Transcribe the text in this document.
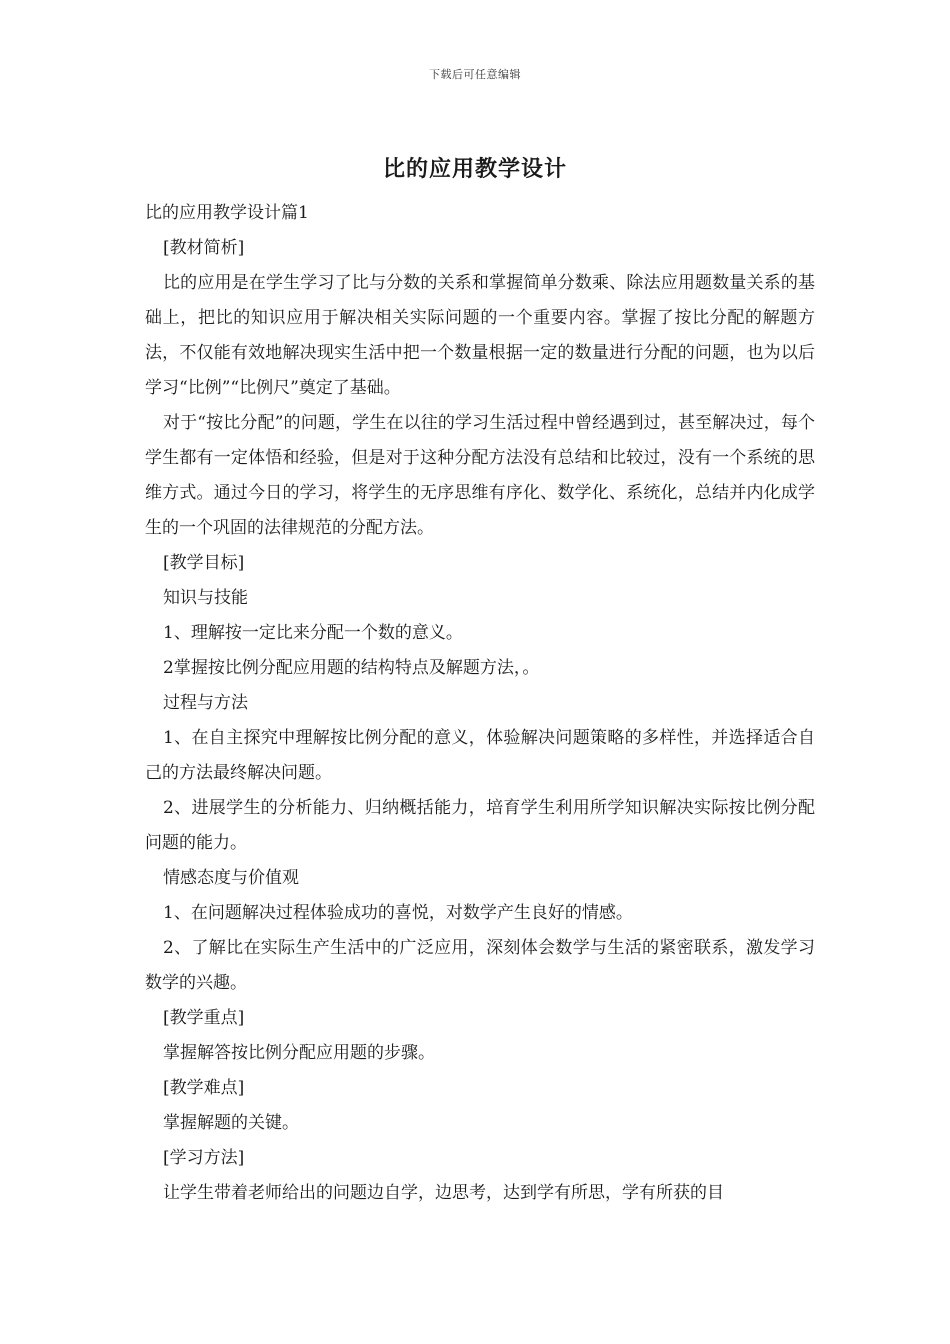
下载后可任意编辑
比的应用教学设计
比的应用教学设计篇1
[教材简析]

比的应用是在学生学习了比与分数的关系和掌握简单分数乘、除法应用题数量关系的基础上，把比的知识应用于解决相关实际问题的一个重要内容。掌握了按比分配的解题方法，不仅能有效地解决现实生活中把一个数量根据一定的数量进行分配的问题，也为以后学习“比例”“比例尺”奠定了基础。

对于“按比分配”的问题，学生在以往的学习生活过程中曾经遇到过，甚至解决过，每个学生都有一定体悟和经验，但是对于这种分配方法没有总结和比较过，没有一个系统的思维方式。通过今日的学习，将学生的无序思维有序化、数学化、系统化，总结并内化成学生的一个巩固的法律规范的分配方法。

[教学目标]
知识与技能

1、理解按一定比来分配一个数的意义。

2掌握按比例分配应用题的结构特点及解题方法，。

过程与方法

1、在自主探究中理解按比例分配的意义，体验解决问题策略的多样性，并选择适合自己的方法最终解决问题。

2、进展学生的分析能力、归纳概括能力，培育学生利用所学知识解决实际按比例分配问题的能力。

情感态度与价值观

1、在问题解决过程体验成功的喜悦，对数学产生良好的情感。

2、了解比在实际生产生活中的广泛应用，深刻体会数学与生活的紧密联系，激发学习数学的兴趣。

[教学重点]

掌握解答按比例分配应用题的步骤。

[教学难点]

掌握解题的关键。

[学习方法]

让学生带着老师给出的问题边自学，边思考，达到学有所思，学有所获的目
